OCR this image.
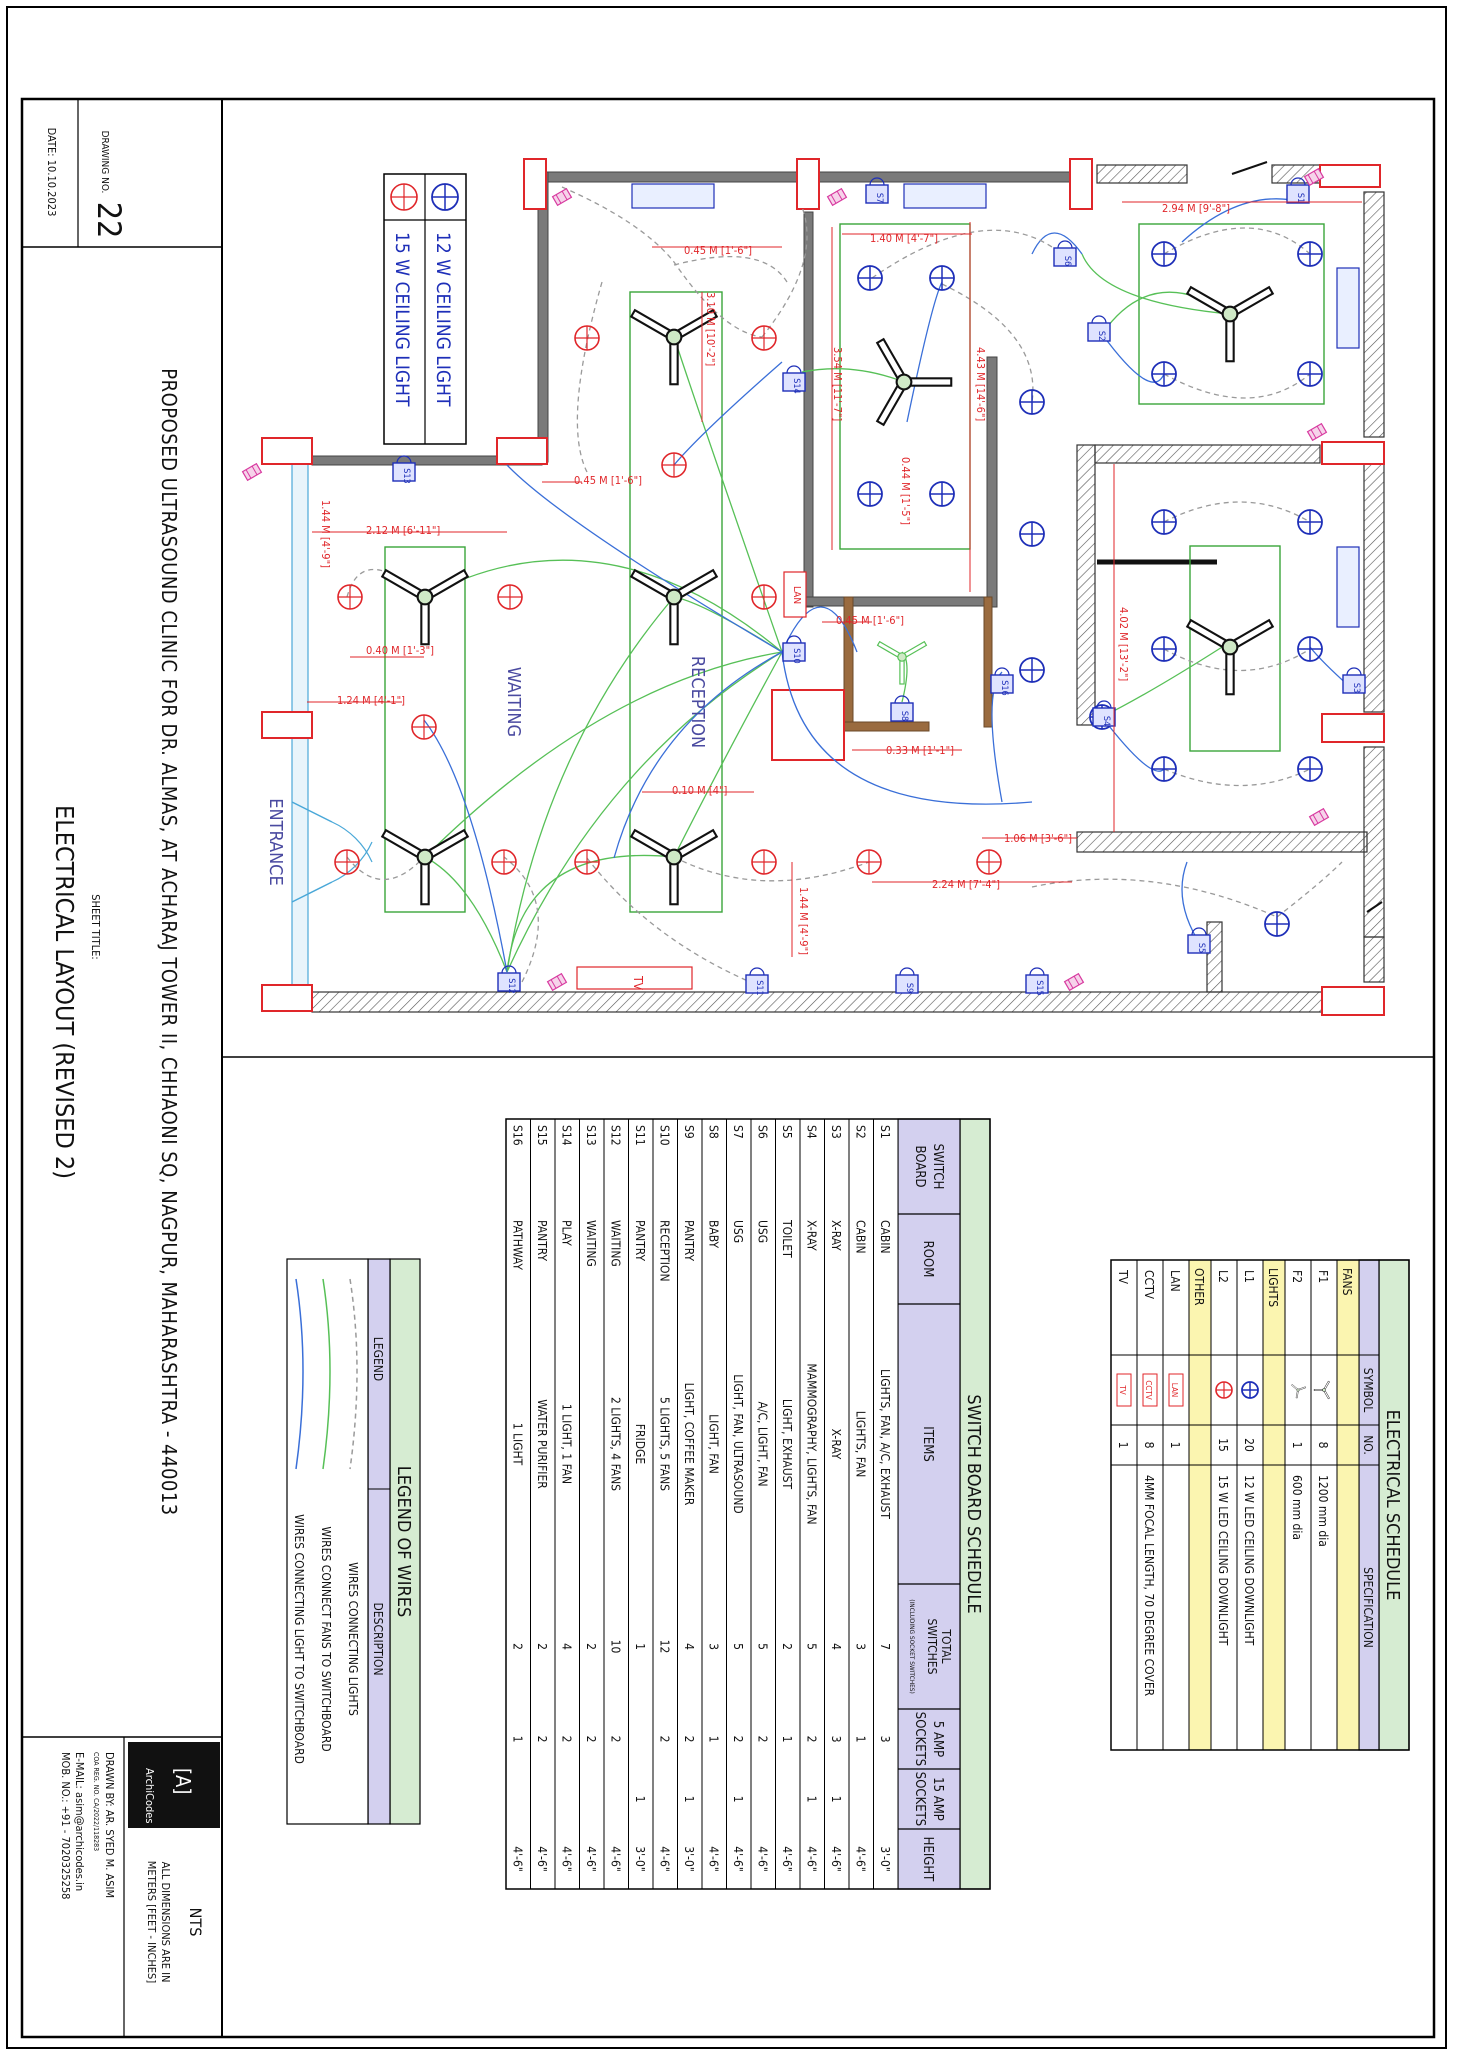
DRAWING NO.
22
DATE: 10.10.2023
PROPOSED ULTRASOUND CLINIC FOR DR. ALMAS, AT ACHARAJ TOWER II, CHHAONI SQ, NAGPUR, MAHARASHTRA - 440013
SHEET TITLE:
ELECTRICAL LAYOUT (REVISED 2)
[A]
ArchiCodes
NTS
ALL DIMENSIONS ARE IN
METERS [FEET - INCHES]
DRAWN BY: AR. SYED M. ASIM
COA REG. NO. CA/2022/118283
E-MAIL: asim@archicodes.in
MOB. NO.: +91 - 7020325258
S1
S2
S3
S4
S5
S6
S7
S8
S9
S10
S11
S12
S13
S14
S15
S16
TV
LAN
WAITING	RECEPTION
ENTRANCE
12 W CEILING LIGHT
15 W CEILING LIGHT
2.94 M [9'-8"]
1.40 M [4'-7"]
0.45 M [1'-6"]
3.10 M [10'-2"]
3.54 M [11'-7"]	4.43 M [14'-6"]
0.44 M [1'-5"]
0.45 M [1'-6"]
4.02 M [13'-2"]
2.12 M [6'-11"]
1.44 M [4'-9"]
0.40 M [1'-3"]
1.24 M [4'-1"]
0.45 M [1'-6"]
0.33 M [1'-1"]
0.10 M [4"]
1.06 M [3'-6"]
2.24 M [7'-4"]
1.44 M [4'-9"]
SWITCH BOARD SCHEDULE
SWITCH
BOARD
ROOM
ITEMS
TOTAL
SWITCHES
(INCLUDING SOCKET SWITCHES)
5 AMP
SOCKETS
15 AMP
SOCKETS
HEIGHT
S1
CABIN
LIGHTS, FAN, A/C, EXHAUST
7
3
3'-0"
S2
CABIN
LIGHTS, FAN
3
1
4'-6"
S3
X-RAY
X-RAY
4
3
1
4'-6"
S4
X-RAY
MAMMOGRAPHY, LIGHTS, FAN
5
2
1
4'-6"
S5
TOILET
LIGHT, EXHAUST
2
1
4'-6"
S6
USG
A/C, LIGHT, FAN
5
2
4'-6"
S7
USG
LIGHT, FAN, ULTRASOUND
5
2
1
4'-6"
S8
BABY
LIGHT, FAN
3
1
4'-6"
S9
PANTRY
LIGHT, COFFEE MAKER
4
2
1
3'-0"
S10
RECEPTION
5 LIGHTS, 5 FANS
12
2
4'-6"
S11
PANTRY
FRIDGE
1
1
3'-0"
S12
WAITING
2 LIGHTS, 4 FANS
10
2
4'-6"
S13
WAITING
2
2
4'-6"
S14
PLAY
1 LIGHT, 1 FAN
4
2
4'-6"
S15
PANTRY
WATER PURIFIER
2
2
4'-6"
S16
PATHWAY
1 LIGHT
2
1
4'-6"
ELECTRICAL SCHEDULE
SYMBOL
NO.
SPECIFICATION
FANS
F1
8
1200 mm dia
F2
1
600 mm dia
LIGHTS
L1
20
12 W LED CEILING DOWNLIGHT
L2
15
15 W LED CEILING DOWNLIGHT
OTHER
LAN
LAN
1
CCTV
CCTV
8
4MM FOCAL LENGTH, 70 DEGREE COVER
TV
TV
1
LEGEND OF WIRES
LEGEND
DESCRIPTION
WIRES CONNECTING LIGHTS
WIRES CONNECT FANS TO SWITCHBOARD
WIRES CONNECTING LIGHT TO SWITCHBOARD
